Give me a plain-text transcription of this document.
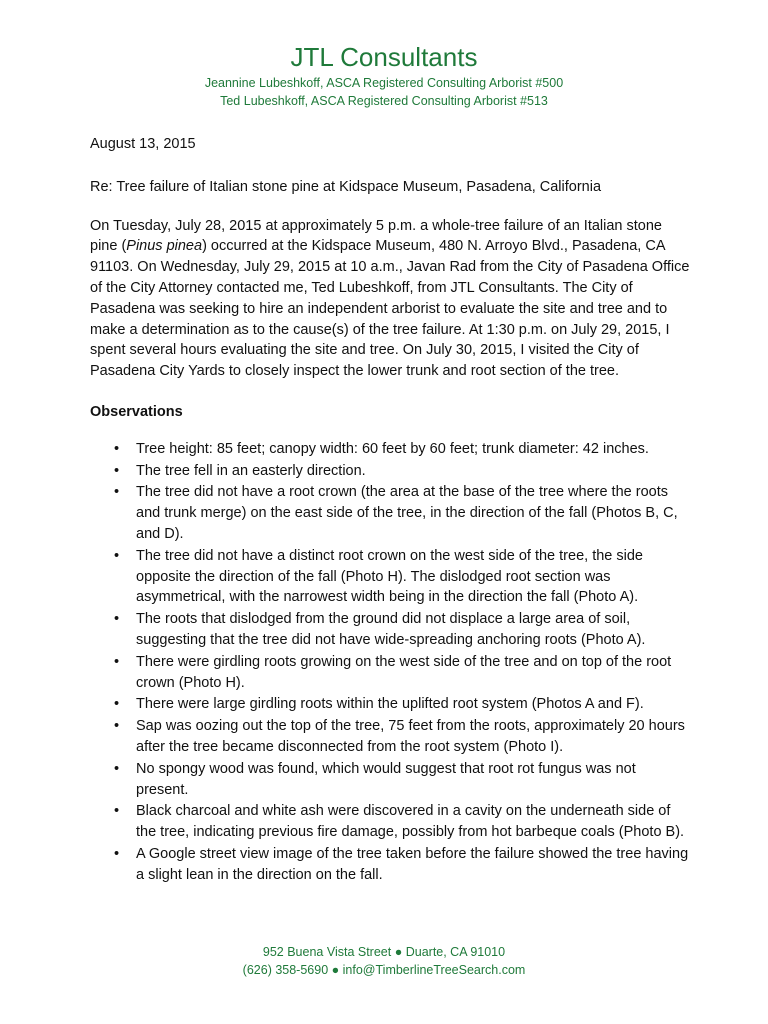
JTL Consultants
Jeannine Lubeshkoff, ASCA Registered Consulting Arborist #500
Ted Lubeshkoff, ASCA Registered Consulting Arborist #513

August 13, 2015

Re: Tree failure of Italian stone pine at Kidspace Museum, Pasadena, California

On Tuesday, July 28, 2015 at approximately 5 p.m. a whole-tree failure of an Italian stone pine (Pinus pinea) occurred at the Kidspace Museum, 480 N. Arroyo Blvd., Pasadena, CA 91103. On Wednesday, July 29, 2015 at 10 a.m., Javan Rad from the City of Pasadena Office of the City Attorney contacted me, Ted Lubeshkoff, from JTL Consultants. The City of Pasadena was seeking to hire an independent arborist to evaluate the site and tree and to make a determination as to the cause(s) of the tree failure. At 1:30 p.m. on July 29, 2015, I spent several hours evaluating the site and tree. On July 30, 2015, I visited the City of Pasadena City Yards to closely inspect the lower trunk and root section of the tree.

Observations

• Tree height: 85 feet; canopy width: 60 feet by 60 feet; trunk diameter: 42 inches.
• The tree fell in an easterly direction.
• The tree did not have a root crown (the area at the base of the tree where the roots and trunk merge) on the east side of the tree, in the direction of the fall (Photos B, C, and D).
• The tree did not have a distinct root crown on the west side of the tree, the side opposite the direction of the fall (Photo H). The dislodged root section was asymmetrical, with the narrowest width being in the direction the fall (Photo A).
• The roots that dislodged from the ground did not displace a large area of soil, suggesting that the tree did not have wide-spreading anchoring roots (Photo A).
• There were girdling roots growing on the west side of the tree and on top of the root crown (Photo H).
• There were large girdling roots within the uplifted root system (Photos A and F).
• Sap was oozing out the top of the tree, 75 feet from the roots, approximately 20 hours after the tree became disconnected from the root system (Photo I).
• No spongy wood was found, which would suggest that root rot fungus was not present.
• Black charcoal and white ash were discovered in a cavity on the underneath side of the tree, indicating previous fire damage, possibly from hot barbeque coals (Photo B).
• A Google street view image of the tree taken before the failure showed the tree having a slight lean in the direction on the fall.
952 Buena Vista Street ● Duarte, CA 91010
(626) 358-5690 ● info@TimberlineTreeSearch.com
